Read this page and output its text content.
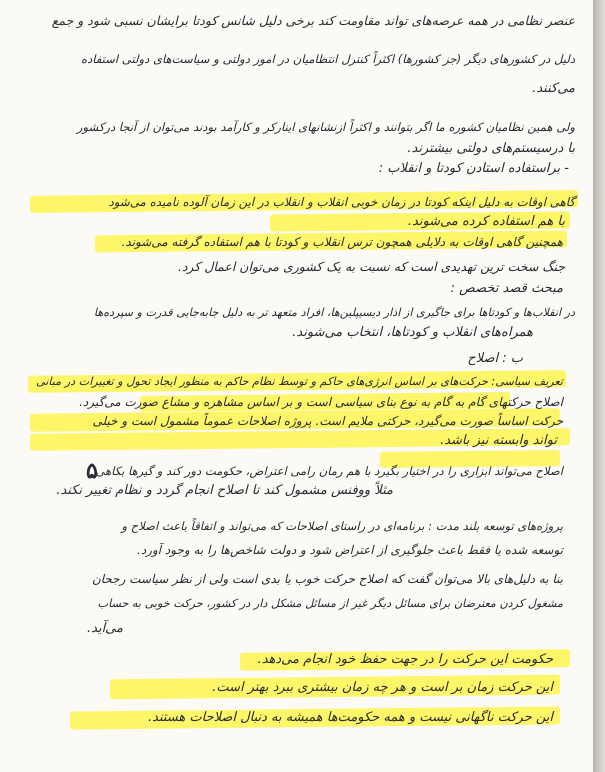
عنصر نظامی در همه عرصه‌های تواند مقاومت کند برخی دلیل شانس کودتا برایشان نسبی شود و جمع
دلیل در کشورهای دیگر (جز کشورها) اکثراً کنترل انتظامیان در امور دولتی و سیاست‌های دولتی استفاده
می‌کنند.
ولی همین نظامیان کشوره ما اگر بتوانند و اکثراً ازنشانهای اینارکر و کارآمد بودند می‌توان از آنجا درکشور
با درسیستم‌های دولتی بیشترند.
- براستفاده استادن کودتا و انقلاب :
گاهی اوقات به دلیل اینکه کودتا در زمان خوبی انقلاب و انقلاب در این زمان آلوده نامیده می‌شود
با هم استفاده کرده می‌شوند.
همچنین گاهی اوقات به دلایلی همچون ترس انقلاب و کودتا با هم استفاده گرفته می‌شوند.
جنگ سخت ترین تهدیدی است که نسبت به یک کشوری می‌توان اعمال کرد.
مبحث قصد تخصص :
در انقلاب‌ها و کودتا‌ها برای جاگیری از اذار دیسیپلین‌ها، افراد متعهد تر به دلیل جابه‌جایی قدرت و سپرده‌ها
همراه‌های انقلاب و کودتاها، انتخاب می‌شوند.
ب : اصلاح
تعریف سیاسی: حرکت‌های بر اساس انرژی‌های حاکم و توسط نظام حاکم به منظور ایجاد تحول و تغییرات در مبانی
اصلاح حرکتهای گام به گام به نوع بنای سیاسی است و بر اساس مشاهره و مشاع صورت می‌گیرد.
حرکت اساساً صورت می‌گیرد، حرکتی ملایم است. پروژه اصلاحات عموماً مشمول است و خیلی
تواند وابسته نیز باشد.
اصلاح می‌تواند ابزاری را در اختیار بگیرد با هم رمان رامی اعتراض، حکومت دور کند و گیرها بکاهی
مثلاً ووفنس مشمول کند تا اصلاح انجام گردد و نظام تغییر نکند.
پروژه‌های توسعه بلند مدت : برنامه‌ای در راستای اصلاحات که می‌تواند و اتفاقاً باعث اصلاح و
توسعه شده یا فقط باعث جلوگیری از اعتراض شود و دولت شاخص‌ها را به وجود آورد.
بنا به دلیل‌های بالا می‌توان گفت که اصلاح حرکت خوب یا بدی است ولی از نظر سیاست رجحان
مشغول کردن معترضان برای مسائل دیگر غیر از مسائل مشکل دار در کشور، حرکت خوبی به حساب
می‌آید.
حکومت این حرکت را در جهت حفظ خود انجام می‌دهد.
این حرکت زمان بر است و هر چه زمان بیشتری ببرد بهتر است.
این حرکت ناگهانی نیست و همه حکومت‌ها همیشه به دنبال اصلاحات هستند.
۵
